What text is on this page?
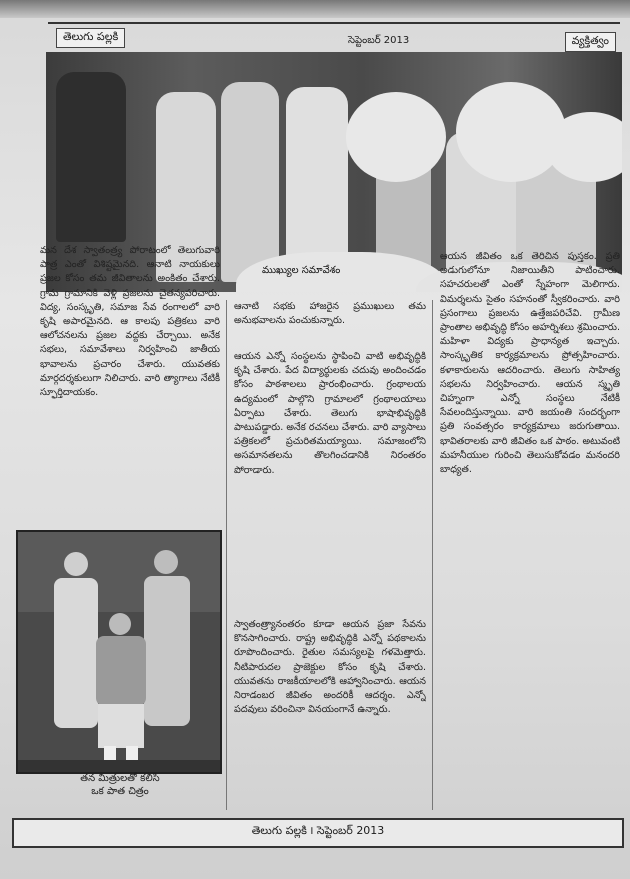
తెలుగు పల్లకి	సెప్టెంబర్ 2013	వ్యక్తిత్వం
ముఖ్యుల సమావేశం

మన దేశ స్వాతంత్ర్య పోరాటంలో తెలుగువారి పాత్ర ఎంతో విశిష్టమైనది. ఆనాటి నాయకులు ప్రజల కోసం తమ జీవితాలను అంకితం చేశారు. గ్రామ గ్రామానికి వెళ్లి ప్రజలను చైతన్యపరిచారు. విద్య, సంస్కృతి, సమాజ సేవ రంగాలలో వారి కృషి అపారమైనది. ఆ కాలపు పత్రికలు వారి ఆలోచనలను ప్రజల వద్దకు చేర్చాయి. అనేక సభలు, సమావేశాలు నిర్వహించి జాతీయ భావాలను ప్రచారం చేశారు. యువతకు మార్గదర్శకులుగా నిలిచారు. వారి త్యాగాలు నేటికీ స్ఫూర్తిదాయకం.

ఆనాటి సభకు హాజరైన ప్రముఖులు తమ అనుభవాలను పంచుకున్నారు.

ఆయన ఎన్నో సంస్థలను స్థాపించి వాటి అభివృద్ధికి కృషి చేశారు. పేద విద్యార్థులకు చదువు అందించడం కోసం పాఠశాలలు ప్రారంభించారు. గ్రంథాలయ ఉద్యమంలో పాల్గొని గ్రామాలలో గ్రంథాలయాలు ఏర్పాటు చేశారు. తెలుగు భాషాభివృద్ధికి పాటుపడ్డారు. అనేక రచనలు చేశారు. వారి వ్యాసాలు పత్రికలలో ప్రచురితమయ్యాయి. సమాజంలోని అసమానతలను తొలగించడానికి నిరంతరం పోరాడారు.

స్వాతంత్ర్యానంతరం కూడా ఆయన ప్రజా సేవను కొనసాగించారు. రాష్ట్ర అభివృద్ధికి ఎన్నో పథకాలను రూపొందించారు. రైతుల సమస్యలపై గళమెత్తారు. నీటిపారుదల ప్రాజెక్టుల కోసం కృషి చేశారు. యువతను రాజకీయాలలోకి ఆహ్వానించారు. ఆయన నిరాడంబర జీవితం అందరికీ ఆదర్శం. ఎన్నో పదవులు వరించినా వినయంగానే ఉన్నారు.

ఆయన జీవితం ఒక తెరిచిన పుస్తకం. ప్రతి అడుగులోనూ నిజాయితీని పాటించారు. సహచరులతో ఎంతో స్నేహంగా మెలిగారు. విమర్శలను సైతం సహనంతో స్వీకరించారు. వారి ప్రసంగాలు ప్రజలను ఉత్తేజపరిచేవి. గ్రామీణ ప్రాంతాల అభివృద్ధి కోసం అహర్నిశలు శ్రమించారు. మహిళా విద్యకు ప్రాధాన్యత ఇచ్చారు. సాంస్కృతిక కార్యక్రమాలను ప్రోత్సహించారు. కళాకారులను ఆదరించారు. తెలుగు సాహిత్య సభలను నిర్వహించారు. ఆయన స్మృతి చిహ్నంగా ఎన్నో సంస్థలు నేటికీ సేవలందిస్తున్నాయి. వారి జయంతి సందర్భంగా ప్రతి సంవత్సరం కార్యక్రమాలు జరుగుతాయి. భావితరాలకు వారి జీవితం ఒక పాఠం. అటువంటి మహనీయుల గురించి తెలుసుకోవడం మనందరి బాధ్యత.

తన మిత్రులతో కలిసి
ఒక పాత చిత్రం
తెలుగు పల్లకి ౹ సెప్టెంబర్ 2013
